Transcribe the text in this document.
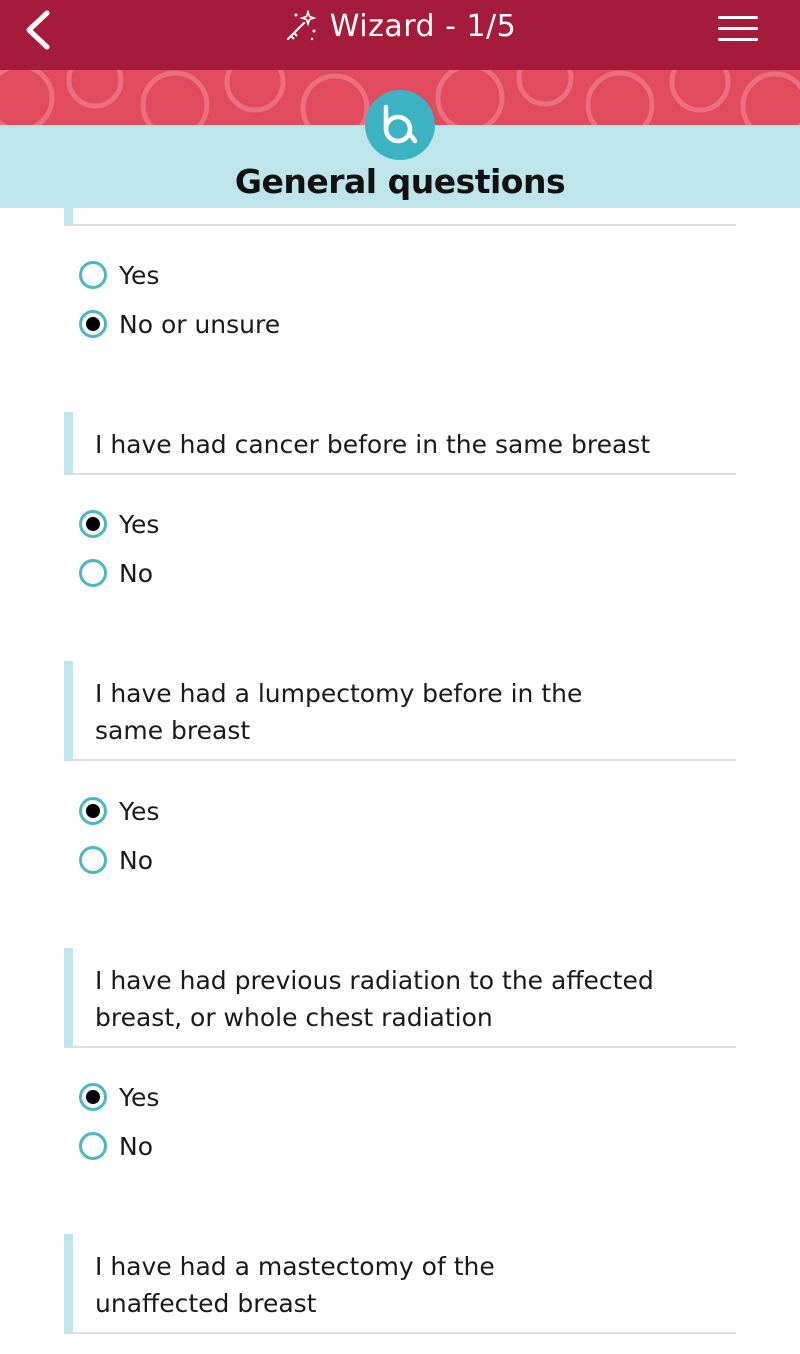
Wizard - 1/5
General questions
Yes
No or unsure
I have had cancer before in the same breast
Yes
No
I have had a lumpectomy before in the same breast
Yes
No
I have had previous radiation to the affected breast, or whole chest radiation
Yes
No
I have had a mastectomy of the unaffected breast
